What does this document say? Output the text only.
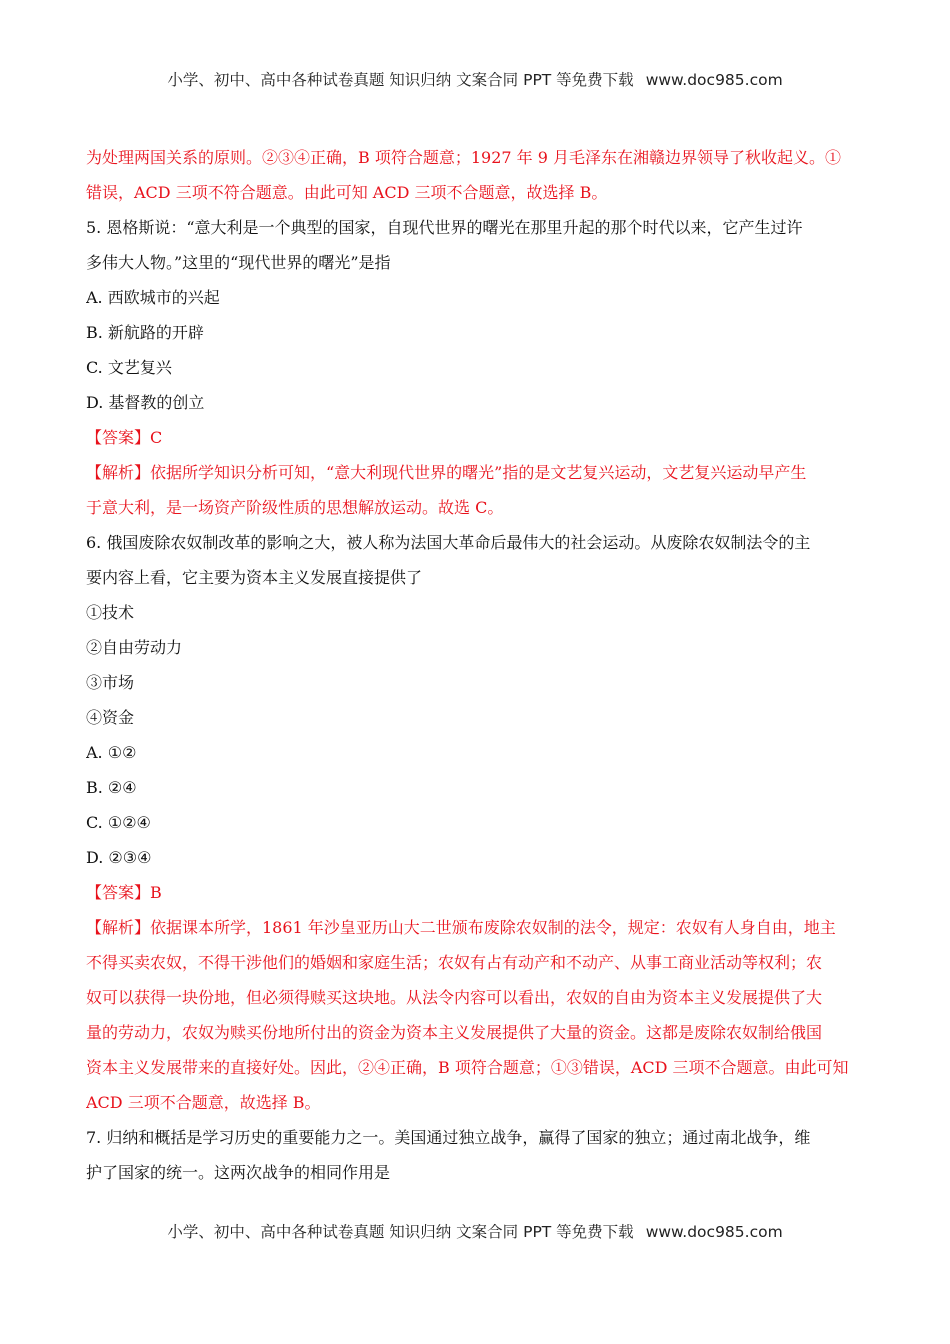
小学、初中、高中各种试卷真题 知识归纳 文案合同 PPT 等免费下载 www.doc985.com
为处理两国关系的原则。②③④正确，B 项符合题意；1927 年 9 月毛泽东在湘赣边界领导了秋收起义。①
错误，ACD 三项不符合题意。由此可知 ACD 三项不合题意，故选择 B。
5. 恩格斯说：“意大利是一个典型的国家，自现代世界的曙光在那里升起的那个时代以来，它产生过许
多伟大人物。”这里的“现代世界的曙光”是指
A. 西欧城市的兴起
B. 新航路的开辟
C. 文艺复兴
D. 基督教的创立
【答案】C
【解析】依据所学知识分析可知，“意大利现代世界的曙光”指的是文艺复兴运动，文艺复兴运动早产生
于意大利，是一场资产阶级性质的思想解放运动。故选 C。
6. 俄国废除农奴制改革的影响之大，被人称为法国大革命后最伟大的社会运动。从废除农奴制法令的主
要内容上看，它主要为资本主义发展直接提供了
①技术
②自由劳动力
③市场
④资金
A. ①②
B. ②④
C. ①②④
D. ②③④
【答案】B
【解析】依据课本所学，1861 年沙皇亚历山大二世颁布废除农奴制的法令，规定：农奴有人身自由，地主
不得买卖农奴，不得干涉他们的婚姻和家庭生活；农奴有占有动产和不动产、从事工商业活动等权利；农
奴可以获得一块份地，但必须得赎买这块地。从法令内容可以看出，农奴的自由为资本主义发展提供了大
量的劳动力，农奴为赎买份地所付出的资金为资本主义发展提供了大量的资金。这都是废除农奴制给俄国
资本主义发展带来的直接好处。因此，②④正确，B 项符合题意；①③错误，ACD 三项不合题意。由此可知
ACD 三项不合题意，故选择 B。
7. 归纳和概括是学习历史的重要能力之一。美国通过独立战争，赢得了国家的独立；通过南北战争，维
护了国家的统一。这两次战争的相同作用是
小学、初中、高中各种试卷真题 知识归纳 文案合同 PPT 等免费下载 www.doc985.com
